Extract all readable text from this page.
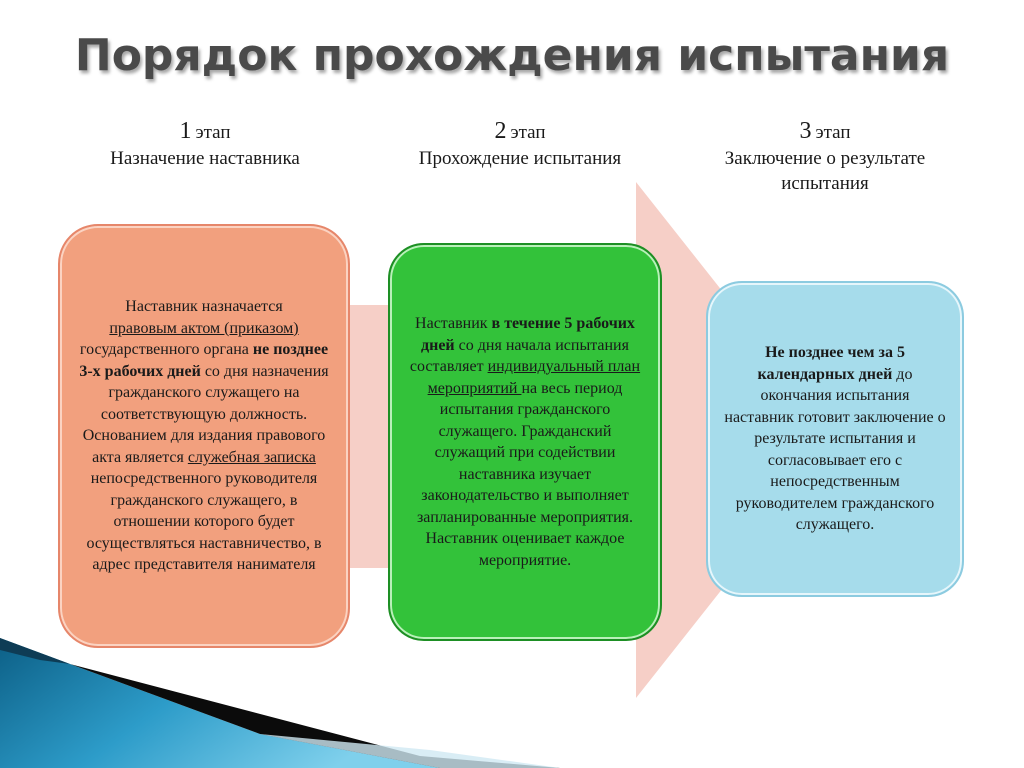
Порядок прохождения испытания
1 этап
Назначение наставника
2 этап
Прохождение испытания
3 этап
Заключение о результате
испытания

Наставник назначается
правовым актом (приказом)
государственного органа не позднее 3-х рабочих дней со дня назначения гражданского служащего на соответствующую должность. Основанием для издания правового акта является служебная записка непосредственного руководителя гражданского служащего, в отношении которого будет осуществляться наставничество, в адрес представителя нанимателя

Наставник в течение 5 рабочих дней со дня начала испытания составляет индивидуальный план мероприятий на весь период испытания гражданского служащего. Гражданский служащий при содействии наставника изучает законодательство и выполняет запланированные мероприятия. Наставник оценивает каждое мероприятие.

Не позднее чем за 5 календарных дней до окончания испытания наставник готовит заключение о результате испытания и согласовывает его с непосредственным руководителем гражданского служащего.
